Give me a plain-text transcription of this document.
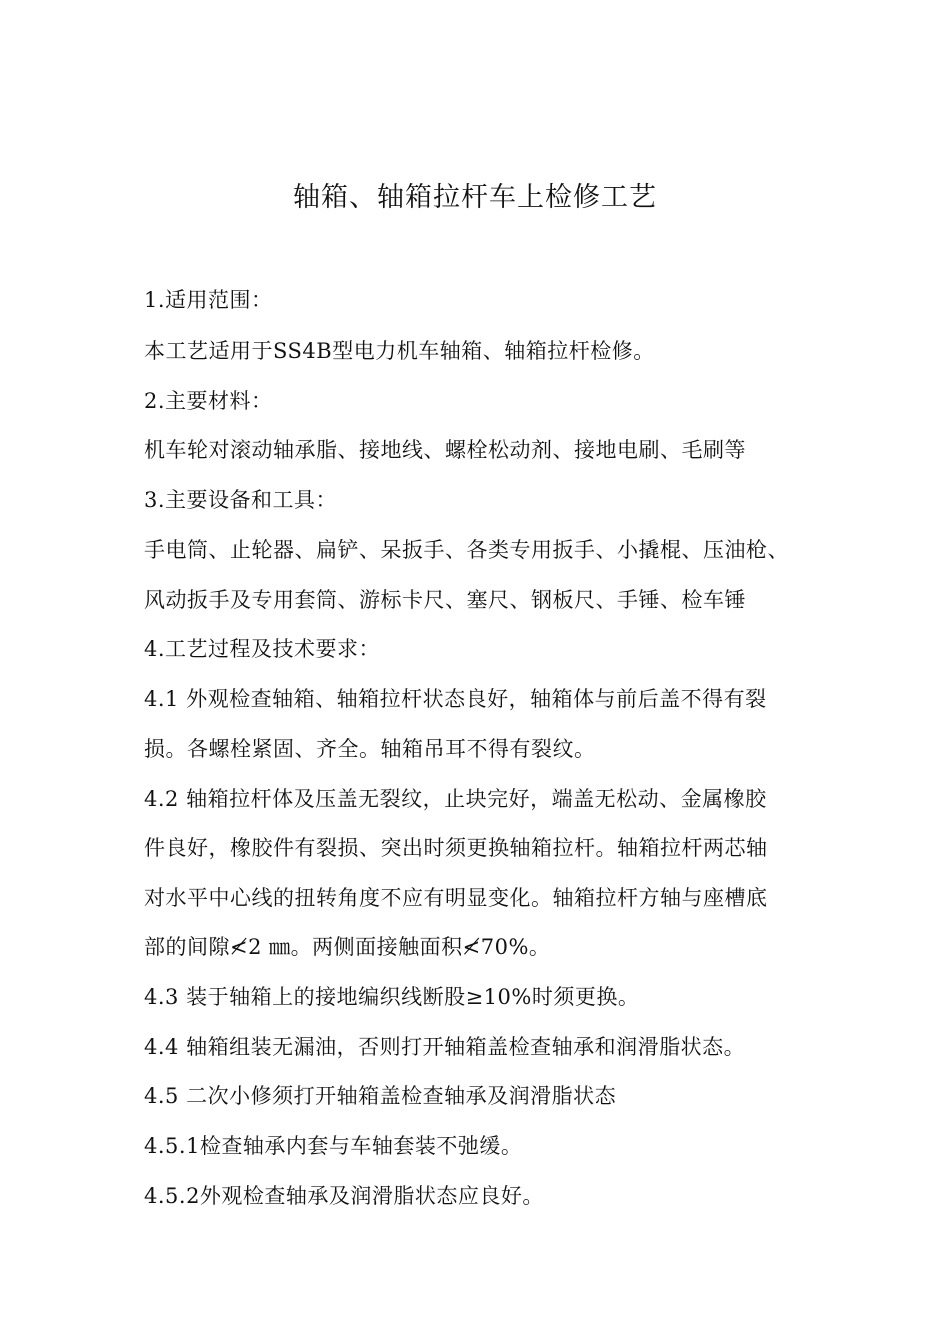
轴箱、轴箱拉杆车上检修工艺
1.适用范围：
本工艺适用于SS4B型电力机车轴箱、轴箱拉杆检修。
2.主要材料：
机车轮对滚动轴承脂、接地线、螺栓松动剂、接地电刷、毛刷等
3.主要设备和工具：
手电筒、止轮器、扁铲、呆扳手、各类专用扳手、小撬棍、压油枪、
风动扳手及专用套筒、游标卡尺、塞尺、钢板尺、手锤、检车锤
4.工艺过程及技术要求：
4.1 外观检查轴箱、轴箱拉杆状态良好，轴箱体与前后盖不得有裂
损。各螺栓紧固、齐全。轴箱吊耳不得有裂纹。
4.2 轴箱拉杆体及压盖无裂纹，止块完好，端盖无松动、金属橡胶
件良好，橡胶件有裂损、突出时须更换轴箱拉杆。轴箱拉杆两芯轴
对水平中心线的扭转角度不应有明显变化。轴箱拉杆方轴与座槽底
部的间隙≮2 ㎜。两侧面接触面积≮70%。
4.3 装于轴箱上的接地编织线断股≥10%时须更换。
4.4 轴箱组装无漏油，否则打开轴箱盖检查轴承和润滑脂状态。
4.5 二次小修须打开轴箱盖检查轴承及润滑脂状态
4.5.1检查轴承内套与车轴套装不弛缓。
4.5.2外观检查轴承及润滑脂状态应良好。
